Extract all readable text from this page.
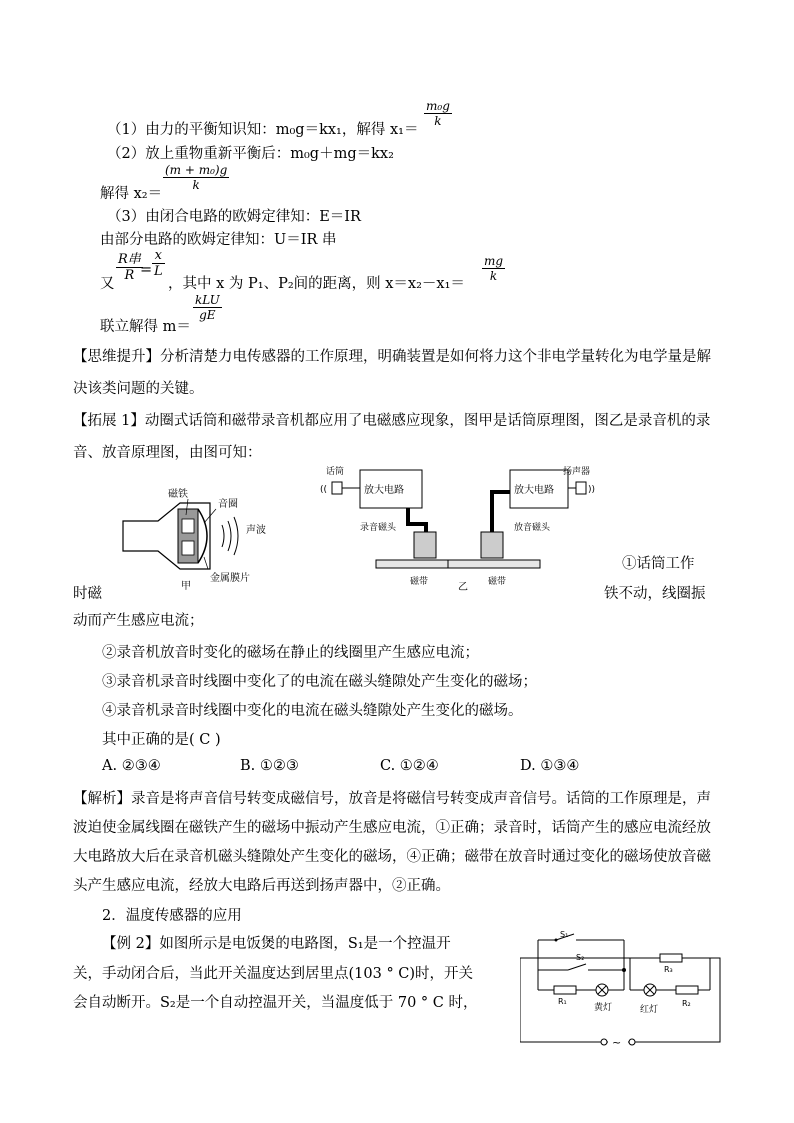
（1）由力的平衡知识知：m₀g＝kx₁，解得 x₁＝
m₀g
k
（2）放上重物重新平衡后：m₀g＋mg＝kx₂
(m + m₀)g
k
解得 x₂＝
（3）由闭合电路的欧姆定律知：E＝IR
由部分电路的欧姆定律知：U＝IR 串
又
R串
R =
x
L
，其中 x 为 P₁、P₂间的距离，则 x＝x₂－x₁＝
mg
k
联立解得 m＝
kLU
gE
【思维提升】分析清楚力电传感器的工作原理，明确装置是如何将力这个非电学量转化为电学量是解决该类问题的关键。
【拓展 1】动圈式话筒和磁带录音机都应用了电磁感应现象，图甲是话筒原理图，图乙是录音机的录音、放音原理图，由图可知：
磁铁
音圈
声波
金属膜片
甲
话筒
((	放大电路
录音磁头
磁带
扬声器
放大电路	))
放音磁头
磁带
乙
①话筒工作
时磁	铁不动，线圈振
动而产生感应电流；
②录音机放音时变化的磁场在静止的线圈里产生感应电流；
③录音机录音时线圈中变化了的电流在磁头缝隙处产生变化的磁场；
④录音机录音时线圈中变化的电流在磁头缝隙处产生变化的磁场。
其中正确的是( C )
A. ②③④	B. ①②③	C. ①②④	D. ①③④
【解析】录音是将声音信号转变成磁信号，放音是将磁信号转变成声音信号。话筒的工作原理是，声波迫使金属线圈在磁铁产生的磁场中振动产生感应电流，①正确；录音时，话筒产生的感应电流经放大电路放大后在录音机磁头缝隙处产生变化的磁场，④正确；磁带在放音时通过变化的磁场使放音磁头产生感应电流，经放大电路后再送到扬声器中，②正确。
2．温度传感器的应用
【例 2】如图所示是电饭煲的电路图，S₁是一个控温开
关，手动闭合后，当此开关温度达到居里点(103 ° C)时，开关
会自动断开。S₂是一个自动控温开关，当温度低于 70 ° C 时，
S₁
S₂
R₁
黄灯
R₃
红灯
R₂
~
